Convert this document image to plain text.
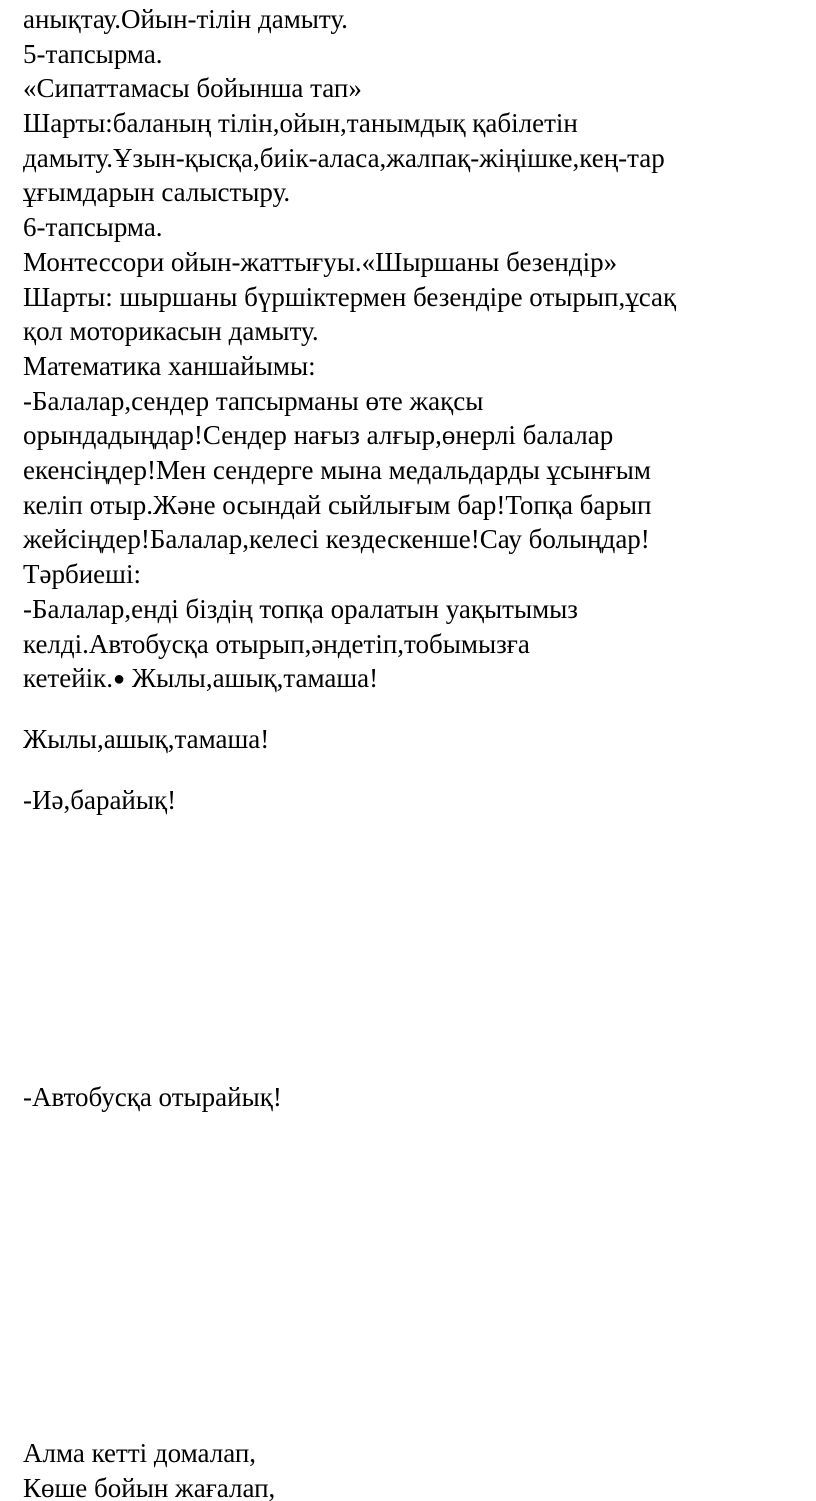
анықтау.Ойын-тілін дамыту.

5-тапсырма.

«Сипаттамасы бойынша тап»

Шарты:баланың тілін,ойын,танымдық қабілетін

дамыту.Ұзын-қысқа,биік-аласа,жалпақ-жіңішке,кең-тар

ұғымдарын салыстыру.

6-тапсырма.

Монтессори ойын-жаттығуы.«Шыршаны безендір»

Шарты: шыршаны бүршіктермен безендіре отырып,ұсақ

қол моторикасын дамыту.

Математика ханшайымы:

-Балалар,сендер тапсырманы өте жақсы

орындадыңдар!Сендер нағыз алғыр,өнерлі балалар

екенсіңдер!Мен сендерге мына медальдарды ұсынғым

келіп отыр.Және осындай сыйлығым бар!Топқа барып

жейсіңдер!Балалар,келесі кездескенше!Сау болыңдар!

Тәрбиеші:

-Балалар,енді біздің топқа оралатын уақытымыз

келді.Автобусқа отырып,әндетіп,тобымызға

кетейік.● Жылы,ашық,тамаша!

Жылы,ашық,тамаша!

-Иә,барайық!

-Автобусқа отырайық!

Алма кетті домалап,

Көше бойын жағалап,
